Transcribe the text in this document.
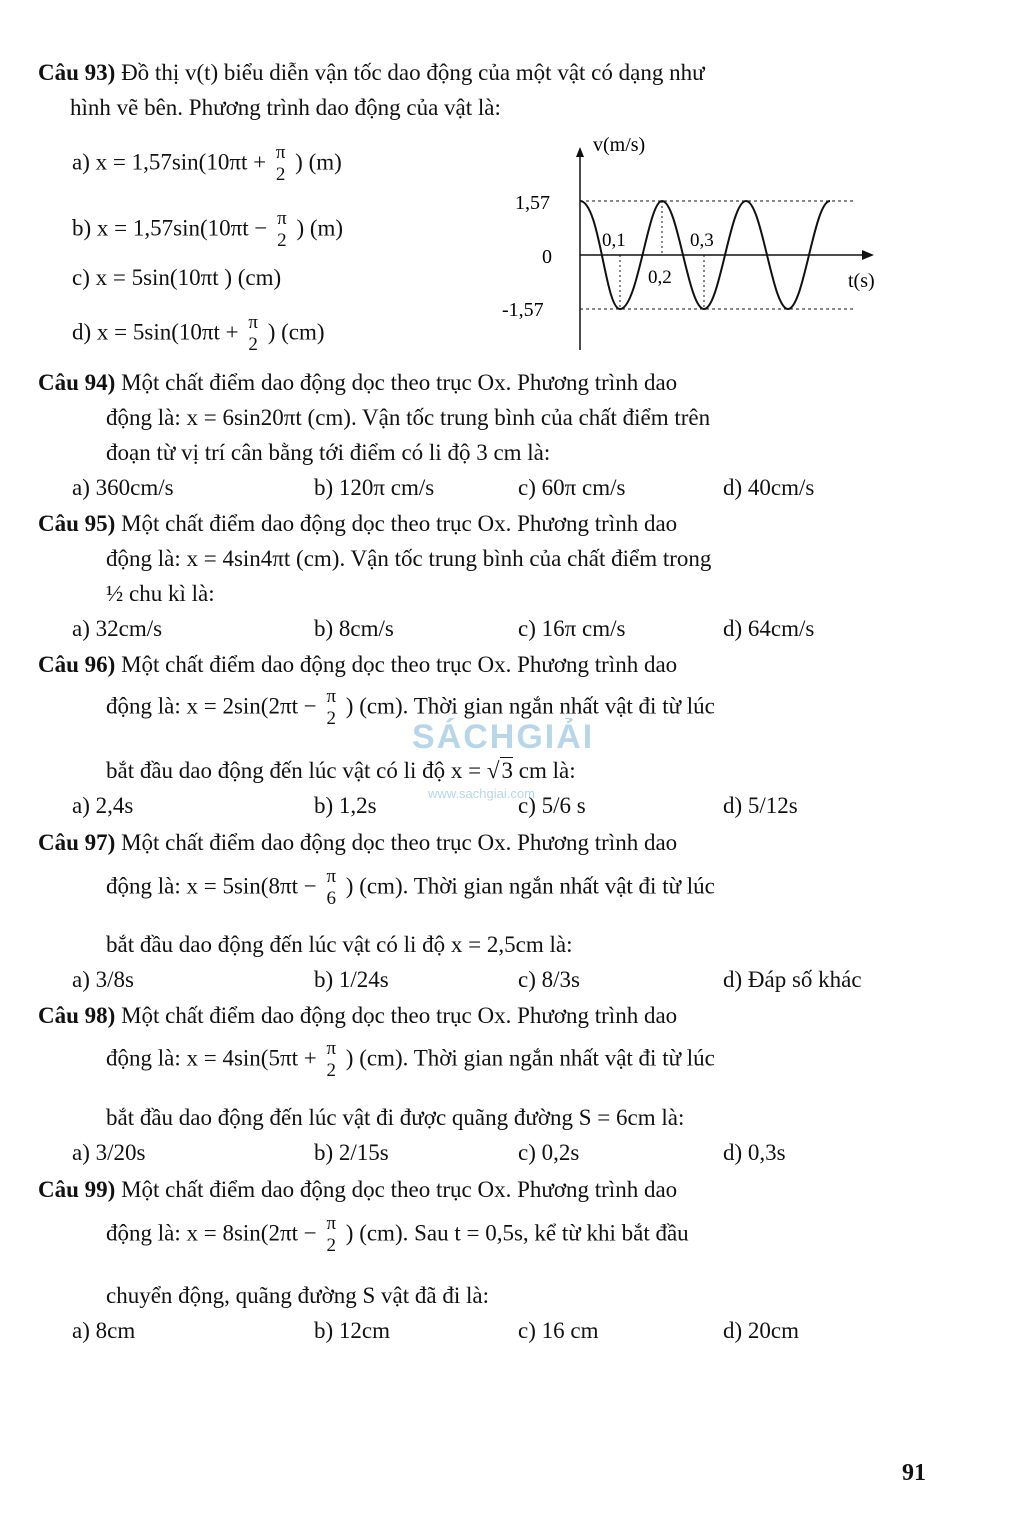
Câu 93) Đồ thị v(t) biểu diễn vận tốc dao động của một vật có dạng như
hình vẽ bên. Phương trình dao động của vật là:
a) x = 1,57sin(10πt + π
2
) (m)
b) x = 1,57sin(10πt − π
2
) (m)
c) x = 5sin(10πt ) (cm)
d) x = 5sin(10πt + π
2
) (cm)
v(m/s)
1,57
0
-1,57
0,1
0,2
0,3
t(s)
Câu 94) Một chất điểm dao động dọc theo trục Ox. Phương trình dao
động là: x = 6sin20πt (cm). Vận tốc trung bình của chất điểm trên
đoạn từ vị trí cân bằng tới điểm có li độ 3 cm là:
a) 360cm/s	b) 120π cm/s	c) 60π cm/s	d) 40cm/s
Câu 95) Một chất điểm dao động dọc theo trục Ox. Phương trình dao
động là: x = 4sin4πt (cm). Vận tốc trung bình của chất điểm trong
½ chu kì là:
a) 32cm/s	b) 8cm/s	c) 16π cm/s	d) 64cm/s
Câu 96) Một chất điểm dao động dọc theo trục Ox. Phương trình dao
động là: x = 2sin(2πt − π
2
) (cm). Thời gian ngắn nhất vật đi từ lúc
bắt đầu dao động đến lúc vật có li độ x = √3 cm là:
a) 2,4s	b) 1,2s	c) 5/6 s	d) 5/12s
Câu 97) Một chất điểm dao động dọc theo trục Ox. Phương trình dao
động là: x = 5sin(8πt − π
6
) (cm). Thời gian ngắn nhất vật đi từ lúc
bắt đầu dao động đến lúc vật có li độ x = 2,5cm là:
a) 3/8s	b) 1/24s	c) 8/3s	d) Đáp số khác
Câu 98) Một chất điểm dao động dọc theo trục Ox. Phương trình dao
động là: x = 4sin(5πt + π
2
) (cm). Thời gian ngắn nhất vật đi từ lúc
bắt đầu dao động đến lúc vật đi được quãng đường S = 6cm là:
a) 3/20s	b) 2/15s	c) 0,2s	d) 0,3s
Câu 99) Một chất điểm dao động dọc theo trục Ox. Phương trình dao
động là: x = 8sin(2πt − π
2
) (cm). Sau t = 0,5s, kể từ khi bắt đầu
chuyển động, quãng đường S vật đã đi là:
a) 8cm	b) 12cm	c) 16 cm	d) 20cm
SÁCHGIẢI
www.sachgiai.com
91
